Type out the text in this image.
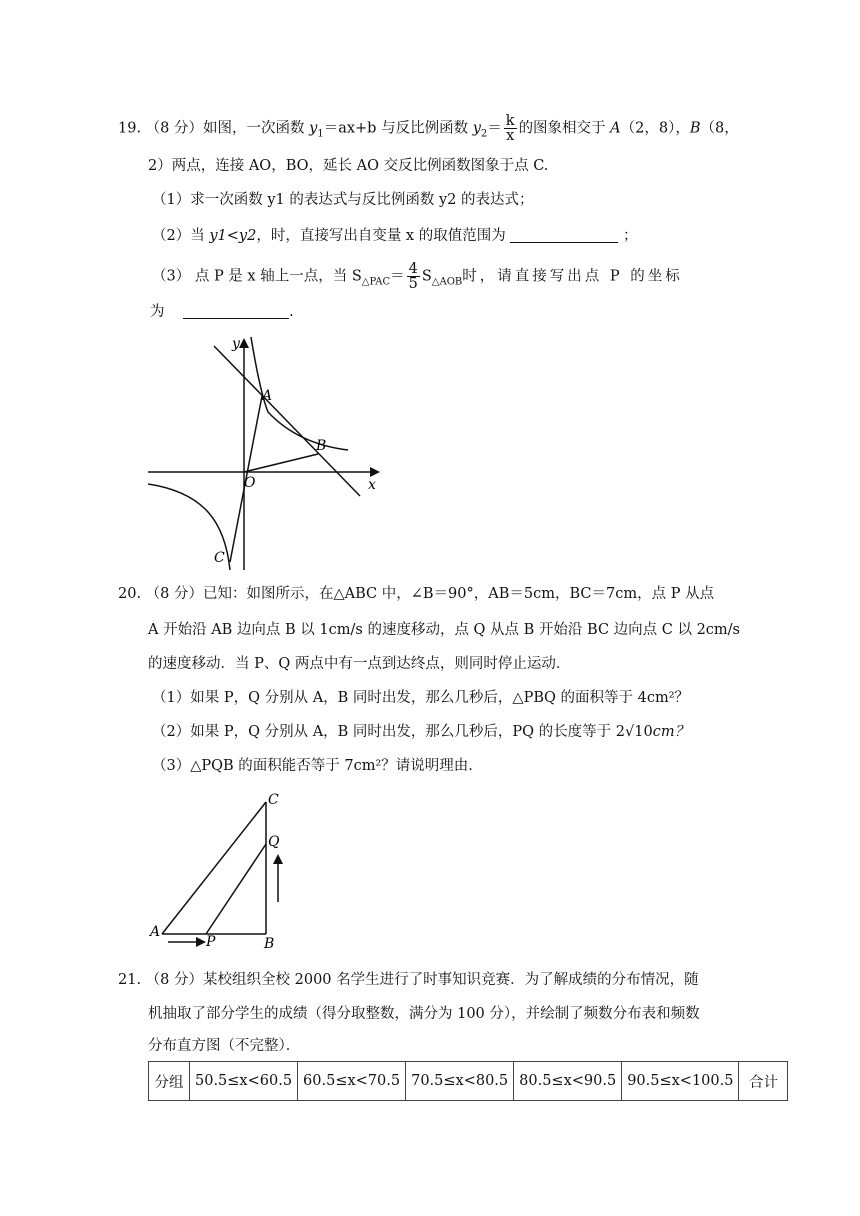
19. （8 分）如图，一次函数 $y_1=ax+b$ 与反比例函数 $y_2= \frac{k}{x}$ 的图象相交于 A（2，8），B（8，
2）两点，连接 AO，BO，延长 AO 交反比例函数图象于点 C.
（1）求一次函数 y1 的表达式与反比例函数 y2 的表达式；
（2）当 y1<y2，时，直接写出自变量 x 的取值范围为	；
（3） 点 P 是 x 轴上一点，当 $S_{\triangle PAC}= \frac{4}{5} S_{\triangle AOB}$时，请直接写出点 P 的坐标
为	.
y
A
B
O	x
C
20. （8 分）已知：如图所示，在△ABC 中，∠B＝90°，AB＝5cm，BC＝7cm，点 P 从点
A 开始沿 AB 边向点 B 以 1cm/s 的速度移动，点 Q 从点 B 开始沿 BC 边向点 C 以 2cm/s
的速度移动．当 P、Q 两点中有一点到达终点，则同时停止运动．
（1）如果 P，Q 分别从 A，B 同时出发，那么几秒后，△PBQ 的面积等于 4cm²？
（2）如果 P，Q 分别从 A，B 同时出发，那么几秒后，PQ 的长度等于 2√10cm？
（3）△PQB 的面积能否等于 7cm²？请说明理由．
C
Q
A
P	B
21. （8 分）某校组织全校 2000 名学生进行了时事知识竞赛．为了解成绩的分布情况，随
机抽取了部分学生的成绩（得分取整数，满分为 100 分），并绘制了频数分布表和频数
分布直方图（不完整）．
分组	50.5≤x<60.5	60.5≤x<70.5	70.5≤x<80.5	80.5≤x<90.5	90.5≤x<100.5	合计
